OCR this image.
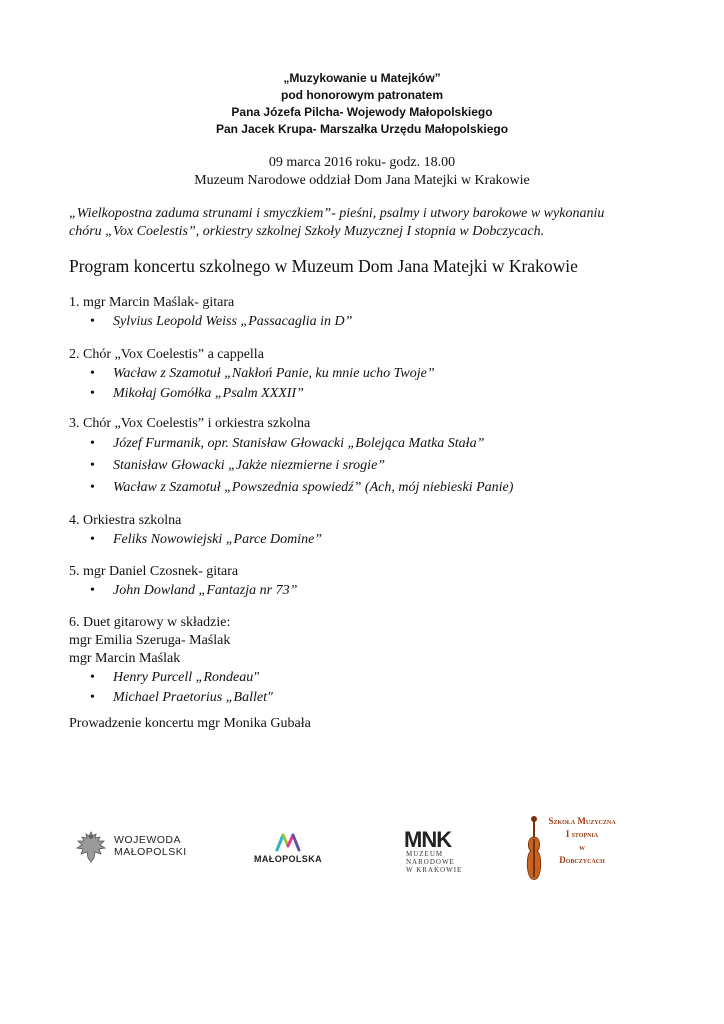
„Muzykowanie u Matejków”
pod honorowym patronatem
Pana Józefa Pilcha- Wojewody Małopolskiego
Pan Jacek Krupa- Marszałka Urzędu Małopolskiego
09 marca 2016 roku- godz. 18.00
Muzeum Narodowe oddział Dom Jana Matejki w Krakowie
„Wielkopostna zaduma strunami i smyczkiem”- pieśni, psalmy i utwory barokowe w wykonaniu
chóru „Vox Coelestis”, orkiestry szkolnej Szkoły Muzycznej I stopnia w Dobczycach.
Program koncertu szkolnego w Muzeum Dom Jana Matejki w Krakowie
1. mgr Marcin Maślak- gitara
• Sylvius Leopold Weiss „Passacaglia in D”
2. Chór „Vox Coelestis” a cappella
• Wacław z Szamotuł „Nakłoń Panie, ku mnie ucho Twoje”
• Mikołaj Gomółka „Psalm XXXII”
3. Chór „Vox Coelestis” i orkiestra szkolna
• Józef Furmanik, opr. Stanisław Głowacki „Bolejąca Matka Stała”
• Stanisław Głowacki „Jakże niezmierne i srogie”
• Wacław z Szamotuł „Powszednia spowiedź” (Ach, mój niebieski Panie)
4. Orkiestra szkolna
• Feliks Nowowiejski „Parce Domine”
5. mgr Daniel Czosnek- gitara
• John Dowland „Fantazja nr 73”
6. Duet gitarowy w składzie:
mgr Emilia Szeruga- Maślak
mgr Marcin Maślak
• Henry Purcell „Rondeau"
• Michael Praetorius „Ballet"
Prowadzenie koncertu mgr Monika Gubała
WOJEWODA
MAŁOPOLSKI
MAŁOPOLSKA
MNK
MUZEUM
NARODOWE
W KRAKOWIE
Szkoła Muzyczna
I stopnia
w
Dobczycach
